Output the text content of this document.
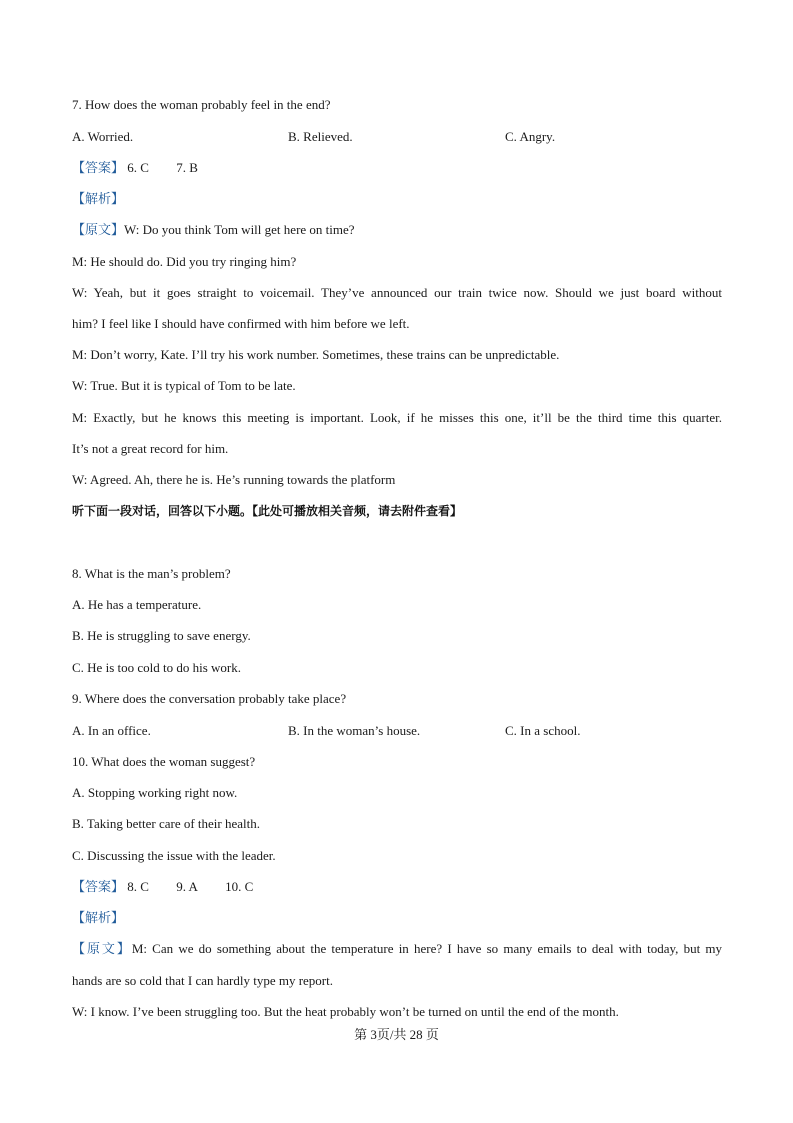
7. How does the woman probably feel in the end?
A. Worried.	B. Relieved.	C. Angry.
【答案】 6. C 7. B
【解析】
【原文】W: Do you think Tom will get here on time?
M: He should do. Did you try ringing him?
W: Yeah, but it goes straight to voicemail. They’ve announced our train twice now. Should we just board without
him? I feel like I should have confirmed with him before we left.
M: Don’t worry, Kate. I’ll try his work number. Sometimes, these trains can be unpredictable.
W: True. But it is typical of Tom to be late.
M: Exactly, but he knows this meeting is important. Look, if he misses this one, it’ll be the third time this quarter.
It’s not a great record for him.
W: Agreed. Ah, there he is. He’s running towards the platform
听下面一段对话，回答以下小题。【此处可播放相关音频，请去附件查看】
8. What is the man’s problem?
A. He has a temperature.
B. He is struggling to save energy.
C. He is too cold to do his work.
9. Where does the conversation probably take place?
A. In an office.	B. In the woman’s house.	C. In a school.
10. What does the woman suggest?
A. Stopping working right now.
B. Taking better care of their health.
C. Discussing the issue with the leader.
【答案】 8. C 9. A 10. C
【解析】
【原文】M: Can we do something about the temperature in here? I have so many emails to deal with today, but my
hands are so cold that I can hardly type my report.
W: I know. I’ve been struggling too. But the heat probably won’t be turned on until the end of the month.
第 3页/共 28 页
